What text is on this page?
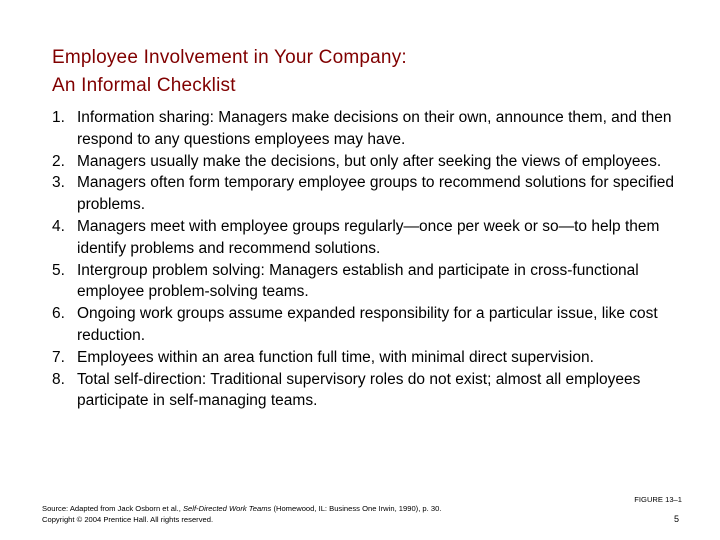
Employee Involvement in Your Company:
An Informal Checklist
1. Information sharing: Managers make decisions on their own, announce them, and then respond to any questions employees may have.
2. Managers usually make the decisions, but only after seeking the views of employees.
3. Managers often form temporary employee groups to recommend solutions for specified problems.
4. Managers meet with employee groups regularly—once per week or so—to help them identify problems and recommend solutions.
5. Intergroup problem solving: Managers establish and participate in cross-functional employee problem-solving teams.
6. Ongoing work groups assume expanded responsibility for a particular issue, like cost reduction.
7. Employees within an area function full time, with minimal direct supervision.
8. Total self-direction: Traditional supervisory roles do not exist; almost all employees participate in self-managing teams.
Source: Adapted from Jack Osborn et al., Self-Directed Work Teams (Homewood, IL: Business One Irwin, 1990), p. 30.
Copyright © 2004 Prentice Hall. All rights reserved.
FIGURE 13–1
5
